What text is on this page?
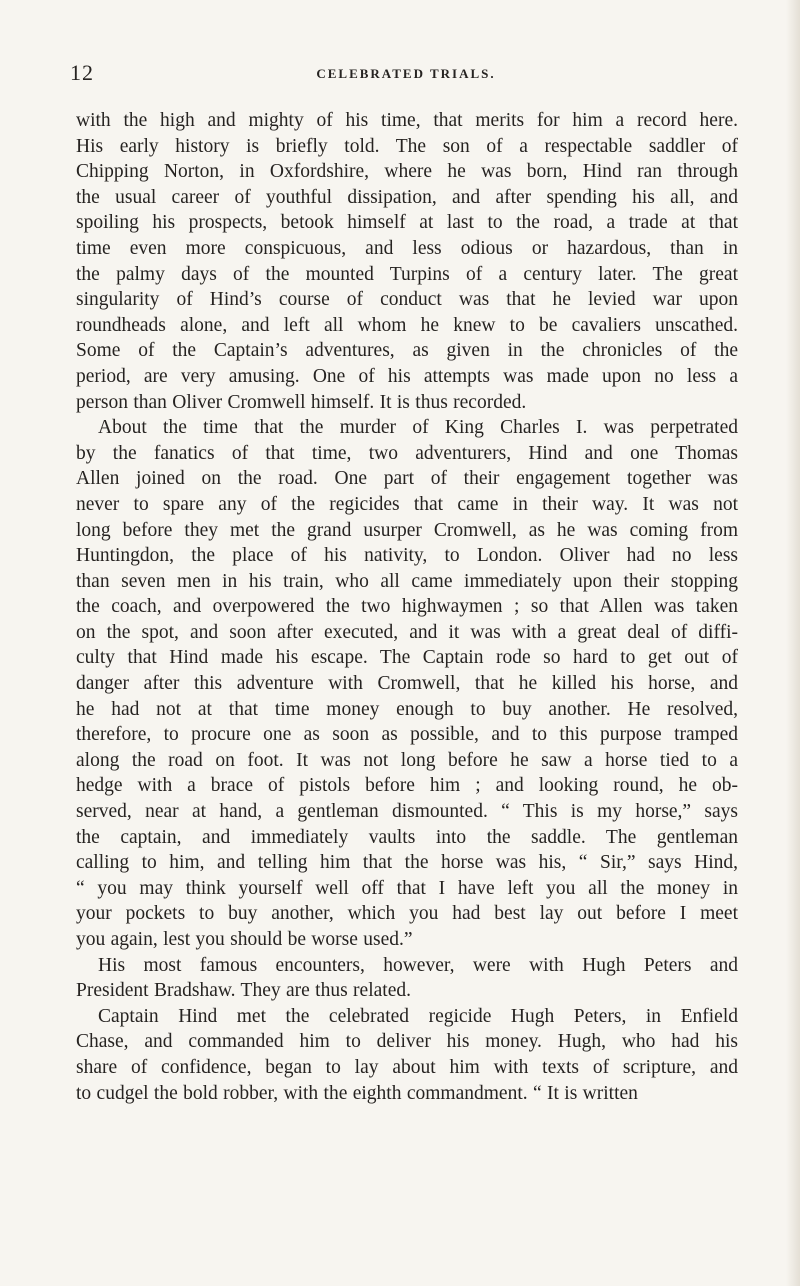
12	CELEBRATED TRIALS.
with the high and mighty of his time, that merits for him a record here.
His early history is briefly told. The son of a respectable saddler of
Chipping Norton, in Oxfordshire, where he was born, Hind ran through
the usual career of youthful dissipation, and after spending his all, and
spoiling his prospects, betook himself at last to the road, a trade at that
time even more conspicuous, and less odious or hazardous, than in
the palmy days of the mounted Turpins of a century later. The great
singularity of Hind’s course of conduct was that he levied war upon
roundheads alone, and left all whom he knew to be cavaliers unscathed.
Some of the Captain’s adventures, as given in the chronicles of the
period, are very amusing. One of his attempts was made upon no less a
person than Oliver Cromwell himself. It is thus recorded.
About the time that the murder of King Charles I. was perpetrated
by the fanatics of that time, two adventurers, Hind and one Thomas
Allen joined on the road. One part of their engagement together was
never to spare any of the regicides that came in their way. It was not
long before they met the grand usurper Cromwell, as he was coming from
Huntingdon, the place of his nativity, to London. Oliver had no less
than seven men in his train, who all came immediately upon their stopping
the coach, and overpowered the two highwaymen ; so that Allen was taken
on the spot, and soon after executed, and it was with a great deal of diffi-
culty that Hind made his escape. The Captain rode so hard to get out of
danger after this adventure with Cromwell, that he killed his horse, and
he had not at that time money enough to buy another. He resolved,
therefore, to procure one as soon as possible, and to this purpose tramped
along the road on foot. It was not long before he saw a horse tied to a
hedge with a brace of pistols before him ; and looking round, he ob-
served, near at hand, a gentleman dismounted. “ This is my horse,” says
the captain, and immediately vaults into the saddle. The gentleman
calling to him, and telling him that the horse was his, “ Sir,” says Hind,
“ you may think yourself well off that I have left you all the money in
your pockets to buy another, which you had best lay out before I meet
you again, lest you should be worse used.”
His most famous encounters, however, were with Hugh Peters and
President Bradshaw. They are thus related.
Captain Hind met the celebrated regicide Hugh Peters, in Enfield
Chase, and commanded him to deliver his money. Hugh, who had his
share of confidence, began to lay about him with texts of scripture, and
to cudgel the bold robber, with the eighth commandment. “ It is written
